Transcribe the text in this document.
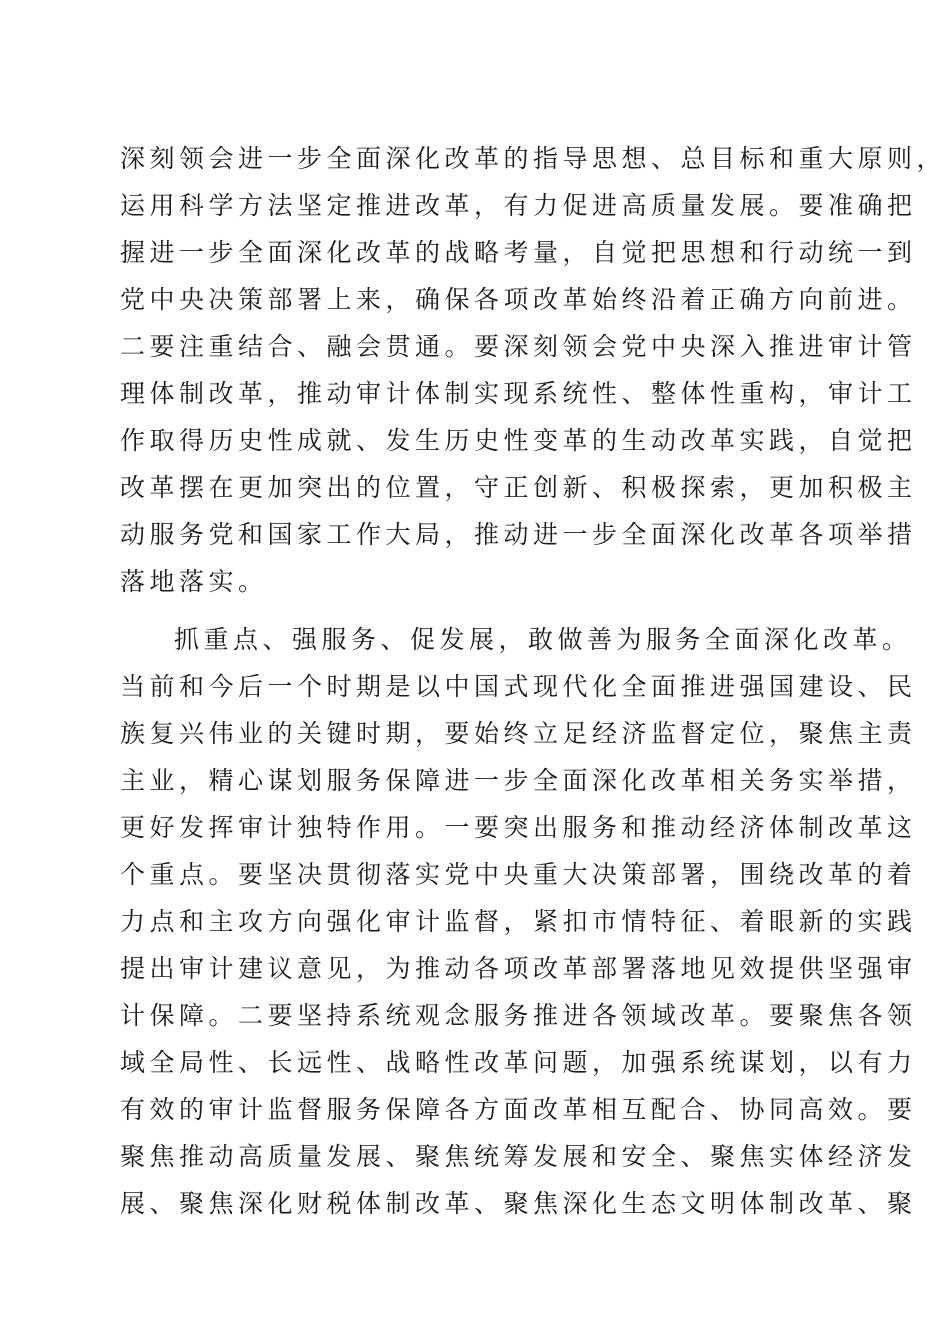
深刻领会进一步全面深化改革的指导思想、总目标和重大原则，
运用科学方法坚定推进改革，有力促进高质量发展。要准确把
握进一步全面深化改革的战略考量，自觉把思想和行动统一到
党中央决策部署上来，确保各项改革始终沿着正确方向前进。
二要注重结合、融会贯通。要深刻领会党中央深入推进审计管
理体制改革，推动审计体制实现系统性、整体性重构，审计工
作取得历史性成就、发生历史性变革的生动改革实践，自觉把
改革摆在更加突出的位置，守正创新、积极探索，更加积极主
动服务党和国家工作大局，推动进一步全面深化改革各项举措
落地落实。
抓重点、强服务、促发展，敢做善为服务全面深化改革。
当前和今后一个时期是以中国式现代化全面推进强国建设、民
族复兴伟业的关键时期，要始终立足经济监督定位，聚焦主责
主业，精心谋划服务保障进一步全面深化改革相关务实举措，
更好发挥审计独特作用。一要突出服务和推动经济体制改革这
个重点。要坚决贯彻落实党中央重大决策部署，围绕改革的着
力点和主攻方向强化审计监督，紧扣市情特征、着眼新的实践
提出审计建议意见，为推动各项改革部署落地见效提供坚强审
计保障。二要坚持系统观念服务推进各领域改革。要聚焦各领
域全局性、长远性、战略性改革问题，加强系统谋划，以有力
有效的审计监督服务保障各方面改革相互配合、协同高效。要
聚焦推动高质量发展、聚焦统筹发展和安全、聚焦实体经济发
展、聚焦深化财税体制改革、聚焦深化生态文明体制改革、聚
